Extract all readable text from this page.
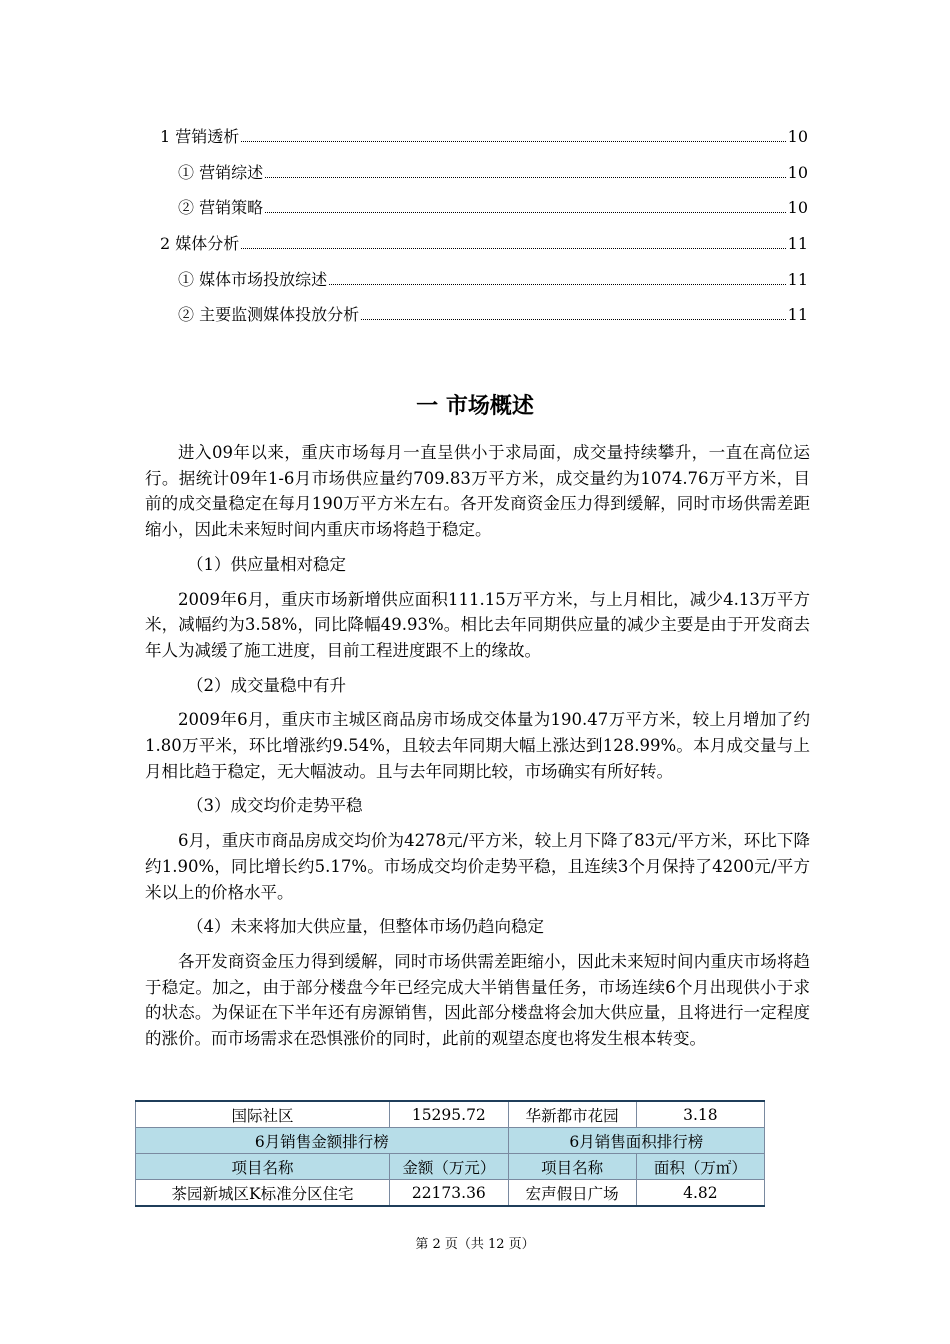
1 营销透析	10
① 营销综述	10
② 营销策略	10
2 媒体分析	11
① 媒体市场投放综述	11
② 主要监测媒体投放分析	11
一 市场概述

进入09年以来，重庆市场每月一直呈供小于求局面，成交量持续攀升，一直在高位运行。据统计09年1-6月市场供应量约709.83万平方米，成交量约为1074.76万平方米，目前的成交量稳定在每月190万平方米左右。各开发商资金压力得到缓解，同时市场供需差距缩小，因此未来短时间内重庆市场将趋于稳定。

（1）供应量相对稳定

2009年6月，重庆市场新增供应面积111.15万平方米，与上月相比，减少4.13万平方米，减幅约为3.58%，同比降幅49.93%。相比去年同期供应量的减少主要是由于开发商去年人为减缓了施工进度，目前工程进度跟不上的缘故。

（2）成交量稳中有升

2009年6月，重庆市主城区商品房市场成交体量为190.47万平方米，较上月增加了约1.80万平米，环比增涨约9.54%，且较去年同期大幅上涨达到128.99%。本月成交量与上月相比趋于稳定，无大幅波动。且与去年同期比较，市场确实有所好转。

（3）成交均价走势平稳

6月，重庆市商品房成交均价为4278元/平方米，较上月下降了83元/平方米，环比下降约1.90%，同比增长约5.17%。市场成交均价走势平稳，且连续3个月保持了4200元/平方米以上的价格水平。

（4）未来将加大供应量，但整体市场仍趋向稳定

各开发商资金压力得到缓解，同时市场供需差距缩小，因此未来短时间内重庆市场将趋于稳定。加之，由于部分楼盘今年已经完成大半销售量任务，市场连续6个月出现供小于求的状态。为保证在下半年还有房源销售，因此部分楼盘将会加大供应量，且将进行一定程度的涨价。而市场需求在恐惧涨价的同时，此前的观望态度也将发生根本转变。

国际社区	15295.72	华新都市花园	3.18
6月销售金额排行榜		6月销售面积排行榜	
项目名称	金额（万元）	项目名称	面积（万㎡）
茶园新城区K标准分区住宅	22173.36	宏声假日广场	4.82
第 2 页（共 12 页）
